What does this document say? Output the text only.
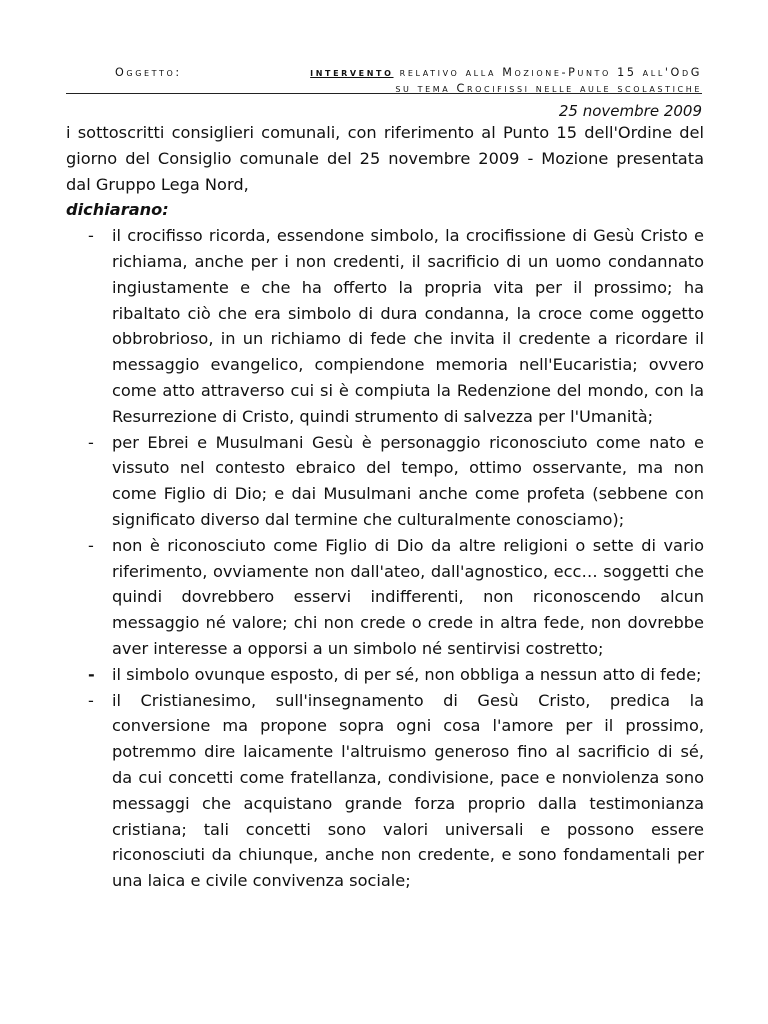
Oggetto:	intervento relativo alla Mozione-Punto 15 all'OdG
su tema Crocifissi nelle aule scolastiche
25 novembre 2009
i sottoscritti consiglieri comunali, con riferimento al Punto 15 dell'Ordine del giorno del Consiglio comunale del 25 novembre 2009 - Mozione presentata dal Gruppo Lega Nord,
dichiarano:
- il crocifisso ricorda, essendone simbolo, la crocifissione di Gesù Cristo e richiama, anche per i non credenti, il sacrificio di un uomo condannato ingiustamente e che ha offerto la propria vita per il prossimo; ha ribaltato ciò che era simbolo di dura condanna, la croce come oggetto obbrobrioso, in un richiamo di fede che invita il credente a ricordare il messaggio evangelico, compiendone memoria nell'Eucaristia; ovvero come atto attraverso cui si è compiuta la Redenzione del mondo, con la Resurrezione di Cristo, quindi strumento di salvezza per l'Umanità;
- per Ebrei e Musulmani Gesù è personaggio riconosciuto come nato e vissuto nel contesto ebraico del tempo, ottimo osservante, ma non come Figlio di Dio; e dai Musulmani anche come profeta (sebbene con significato diverso dal termine che culturalmente conosciamo);
- non è riconosciuto come Figlio di Dio da altre religioni o sette di vario riferimento, ovviamente non dall'ateo, dall'agnostico, ecc… soggetti che quindi dovrebbero esservi indifferenti, non riconoscendo alcun messaggio né valore; chi non crede o crede in altra fede, non dovrebbe aver interesse a opporsi a un simbolo né sentirvisi costretto;
- il simbolo ovunque esposto, di per sé, non obbliga a nessun atto di fede;
- il Cristianesimo, sull'insegnamento di Gesù Cristo, predica la conversione ma propone sopra ogni cosa l'amore per il prossimo, potremmo dire laicamente l'altruismo generoso fino al sacrificio di sé, da cui concetti come fratellanza, condivisione, pace e nonviolenza sono messaggi che acquistano grande forza proprio dalla testimonianza cristiana; tali concetti sono valori universali e possono essere riconosciuti da chiunque, anche non credente, e sono fondamentali per una laica e civile convivenza sociale;
